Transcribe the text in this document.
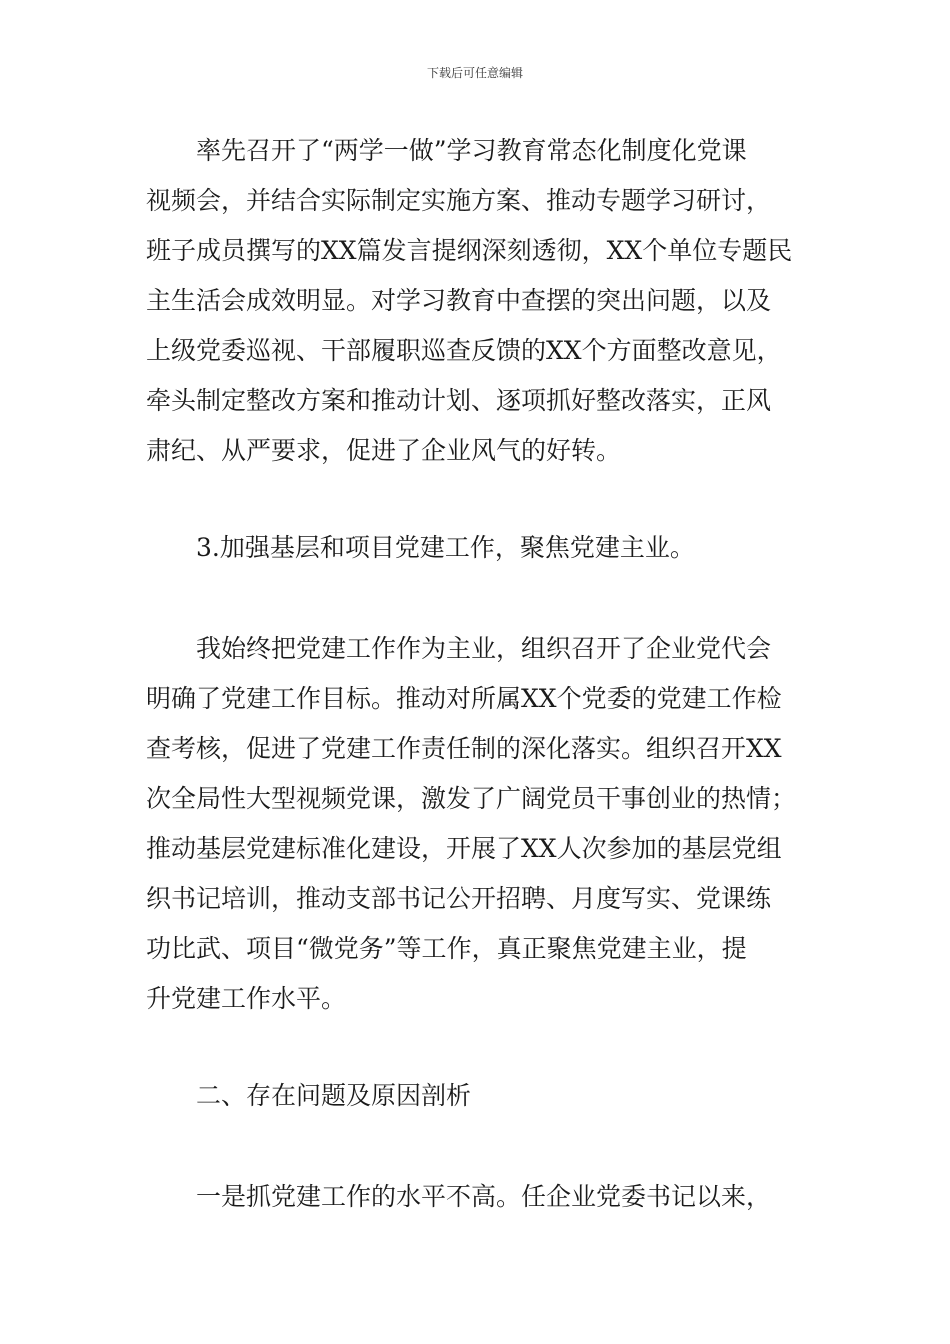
下载后可任意编辑
率先召开了“两学一做”学习教育常态化制度化党课
视频会，并结合实际制定实施方案、推动专题学习研讨，
班子成员撰写的XX篇发言提纲深刻透彻，XX个单位专题民
主生活会成效明显。对学习教育中查摆的突出问题，以及
上级党委巡视、干部履职巡查反馈的XX个方面整改意见，
牵头制定整改方案和推动计划、逐项抓好整改落实，正风
肃纪、从严要求，促进了企业风气的好转。
3.加强基层和项目党建工作，聚焦党建主业。
我始终把党建工作作为主业，组织召开了企业党代会
明确了党建工作目标。推动对所属XX个党委的党建工作检
查考核，促进了党建工作责任制的深化落实。组织召开XX
次全局性大型视频党课，激发了广阔党员干事创业的热情；
推动基层党建标准化建设，开展了XX人次参加的基层党组
织书记培训，推动支部书记公开招聘、月度写实、党课练
功比武、项目“微党务”等工作，真正聚焦党建主业，提
升党建工作水平。
二、存在问题及原因剖析
一是抓党建工作的水平不高。任企业党委书记以来，
